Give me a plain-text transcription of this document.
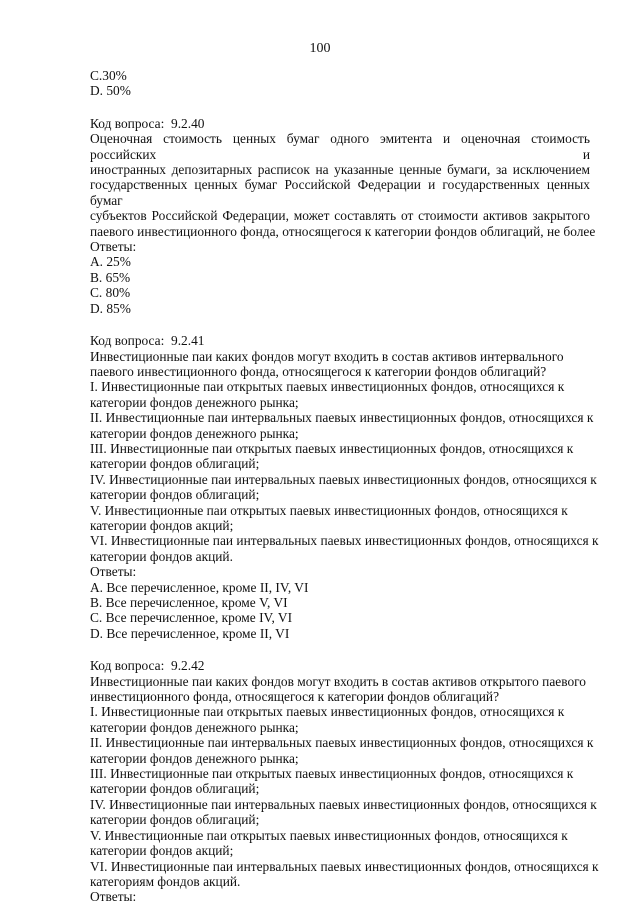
100
C.30%
D. 50%
Код вопроса:  9.2.40
Оценочная стоимость ценных бумаг одного эмитента и оценочная стоимость российских и
иностранных депозитарных расписок на указанные ценные бумаги, за исключением
государственных ценных бумаг Российской Федерации и государственных ценных бумаг
субъектов Российской Федерации, может составлять от стоимости активов закрытого
паевого инвестиционного фонда, относящегося к категории фондов облигаций, не более
Ответы:
A. 25%
B. 65%
C. 80%
D. 85%
Код вопроса:  9.2.41
Инвестиционные паи каких фондов могут входить в состав активов интервального
паевого инвестиционного фонда, относящегося к категории фондов облигаций?
I. Инвестиционные паи открытых паевых инвестиционных фондов, относящихся к
категории фондов денежного рынка;
II. Инвестиционные паи интервальных паевых инвестиционных фондов, относящихся к
категории фондов денежного рынка;
III. Инвестиционные паи открытых паевых инвестиционных фондов, относящихся к
категории фондов облигаций;
IV. Инвестиционные паи интервальных паевых инвестиционных фондов, относящихся к
категории фондов облигаций;
V. Инвестиционные паи открытых паевых инвестиционных фондов, относящихся к
категории фондов акций;
VI. Инвестиционные паи интервальных паевых инвестиционных фондов, относящихся к
категории фондов акций.
Ответы:
A. Все перечисленное, кроме II, IV, VI
B. Все перечисленное, кроме V, VI
C. Все перечисленное, кроме IV, VI
D. Все перечисленное, кроме II, VI
Код вопроса:  9.2.42
Инвестиционные паи каких фондов могут входить в состав активов открытого паевого
инвестиционного фонда, относящегося к категории фондов облигаций?
I. Инвестиционные паи открытых паевых инвестиционных фондов, относящихся к
категории фондов денежного рынка;
II. Инвестиционные паи интервальных паевых инвестиционных фондов, относящихся к
категории фондов денежного рынка;
III. Инвестиционные паи открытых паевых инвестиционных фондов, относящихся к
категории фондов облигаций;
IV. Инвестиционные паи интервальных паевых инвестиционных фондов, относящихся к
категории фондов облигаций;
V. Инвестиционные паи открытых паевых инвестиционных фондов, относящихся к
категории фондов акций;
VI. Инвестиционные паи интервальных паевых инвестиционных фондов, относящихся к
категориям фондов акций.
Ответы:
